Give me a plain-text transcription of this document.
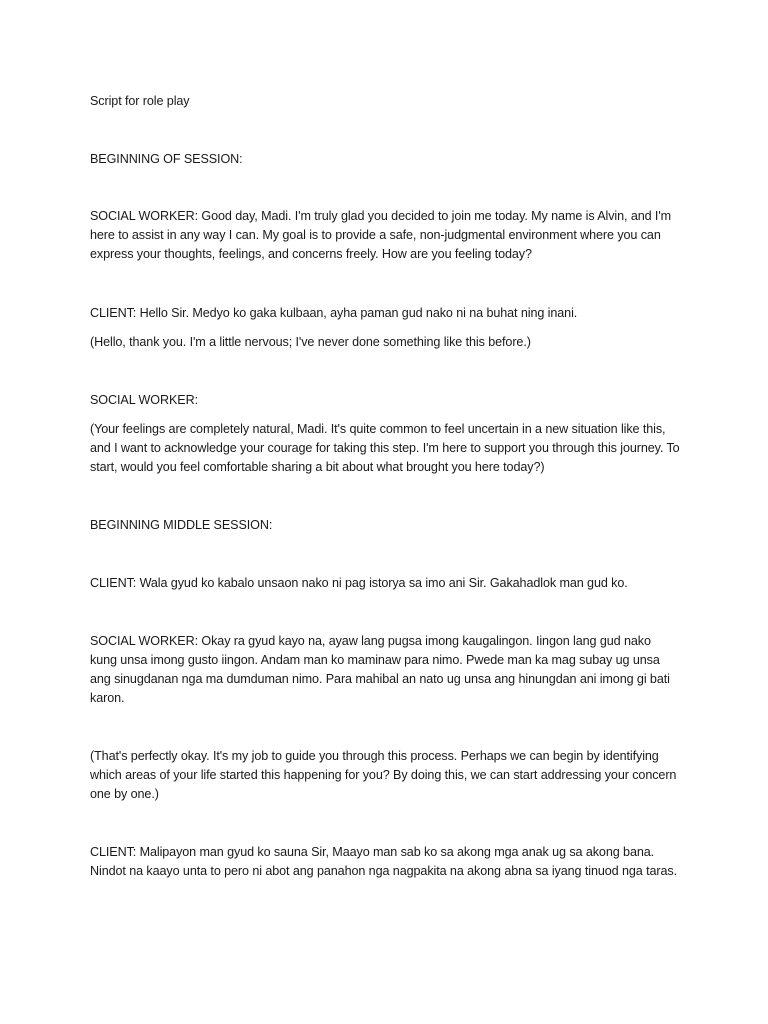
Script for role play

BEGINNING OF SESSION:

SOCIAL WORKER: Good day, Madi. I'm truly glad you decided to join me today. My name is Alvin, and I'm here to assist in any way I can. My goal is to provide a safe, non-judgmental environment where you can express your thoughts, feelings, and concerns freely. How are you feeling today?

CLIENT: Hello Sir. Medyo ko gaka kulbaan, ayha paman gud nako ni na buhat ning inani.

(Hello, thank you. I'm a little nervous; I've never done something like this before.)

SOCIAL WORKER:

(Your feelings are completely natural, Madi. It's quite common to feel uncertain in a new situation like this, and I want to acknowledge your courage for taking this step. I'm here to support you through this journey. To start, would you feel comfortable sharing a bit about what brought you here today?)

BEGINNING MIDDLE SESSION:

CLIENT: Wala gyud ko kabalo unsaon nako ni pag istorya sa imo ani Sir. Gakahadlok man gud ko.

SOCIAL WORKER: Okay ra gyud kayo na, ayaw lang pugsa imong kaugalingon. Iingon lang gud nako kung unsa imong gusto iingon. Andam man ko maminaw para nimo. Pwede man ka mag subay ug unsa ang sinugdanan nga ma dumduman nimo. Para mahibal an nato ug unsa ang hinungdan ani imong gi bati karon.

(That's perfectly okay. It's my job to guide you through this process. Perhaps we can begin by identifying which areas of your life started this happening for you? By doing this, we can start addressing your concern one by one.)

CLIENT: Malipayon man gyud ko sauna Sir, Maayo man sab ko sa akong mga anak ug sa akong bana. Nindot na kaayo unta to pero ni abot ang panahon nga nagpakita na akong abna sa iyang tinuod nga taras.
